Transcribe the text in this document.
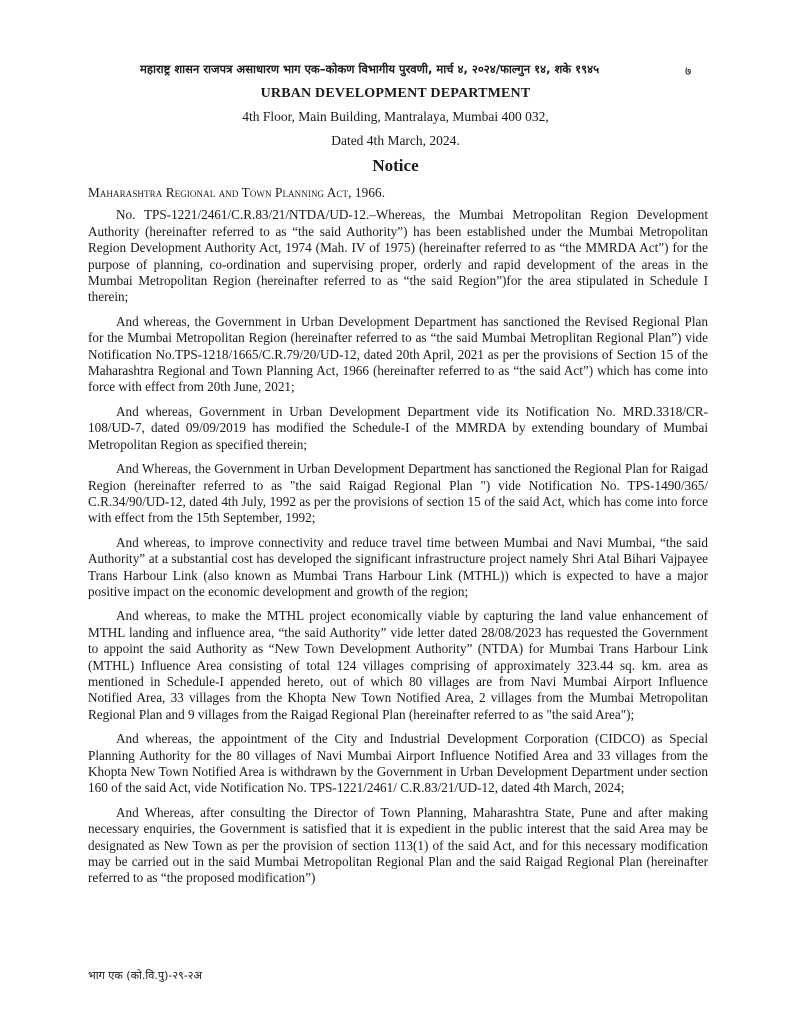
महाराष्ट्र शासन राजपत्र असाधारण भाग एक–कोकण विभागीय पुरवणी, मार्च ४, २०२४/फाल्गुन १४, शके १९४५	७
URBAN DEVELOPMENT DEPARTMENT
4th Floor, Main Building, Mantralaya, Mumbai 400 032,
Dated 4th March, 2024.
Notice

Maharashtra Regional and Town Planning Act, 1966.

No. TPS-1221/2461/C.R.83/21/NTDA/UD-12.–Whereas, the Mumbai Metropolitan Region Development Authority (hereinafter referred to as “the said Authority”) has been established under the Mumbai Metropolitan Region Development Authority Act, 1974 (Mah. IV of 1975) (hereinafter referred to as “the MMRDA Act”) for the purpose of planning, co-ordination and supervising proper, orderly and rapid development of the areas in the Mumbai Metropolitan Region (hereinafter referred to as “the said Region”)for the area stipulated in Schedule I therein;

And whereas, the Government in Urban Development Department has sanctioned the Revised Regional Plan for the Mumbai Metropolitan Region (hereinafter referred to as “the said Mumbai Metroplitan Regional Plan”) vide Notification No.TPS-1218/1665/C.R.79/20/UD-12, dated 20th April, 2021 as per the provisions of Section 15 of the Maharashtra Regional and Town Planning Act, 1966 (hereinafter referred to as “the said Act”) which has come into force with effect from 20th June, 2021;

And whereas, Government in Urban Development Department vide its Notification No. MRD.3318/CR-108/UD-7, dated 09/09/2019 has modified the Schedule-I of the MMRDA by extending boundary of Mumbai Metropolitan Region as specified therein;

And Whereas, the Government in Urban Development Department has sanctioned the Regional Plan for Raigad Region (hereinafter referred to as "the said Raigad Regional Plan ") vide Notification No. TPS-1490/365/ C.R.34/90/UD-12, dated 4th July, 1992 as per the provisions of section 15 of the said Act, which has come into force with effect from the 15th September, 1992;

And whereas, to improve connectivity and reduce travel time between Mumbai and Navi Mumbai, “the said Authority” at a substantial cost has developed the significant infrastructure project namely Shri Atal Bihari Vajpayee Trans Harbour Link (also known as Mumbai Trans Harbour Link (MTHL)) which is expected to have a major positive impact on the economic development and growth of the region;

And whereas, to make the MTHL project economically viable by capturing the land value enhancement of MTHL landing and influence area, “the said Authority” vide letter dated 28/08/2023 has requested the Government to appoint the said Authority as “New Town Development Authority” (NTDA) for Mumbai Trans Harbour Link (MTHL) Influence Area consisting of total 124 villages comprising of approximately 323.44 sq. km. area as mentioned in Schedule-I appended hereto, out of which 80 villages are from Navi Mumbai Airport Influence Notified Area, 33 villages from the Khopta New Town Notified Area, 2 villages from the Mumbai Metropolitan Regional Plan and 9 villages from the Raigad Regional Plan (hereinafter referred to as "the said Area");

And whereas, the appointment of the City and Industrial Development Corporation (CIDCO) as Special Planning Authority for the 80 villages of Navi Mumbai Airport Influence Notified Area and 33 villages from the Khopta New Town Notified Area is withdrawn by the Government in Urban Development Department under section 160 of the said Act, vide Notification No. TPS-1221/2461/ C.R.83/21/UD-12, dated 4th March, 2024;

And Whereas, after consulting the Director of Town Planning, Maharashtra State, Pune and after making necessary enquiries, the Government is satisfied that it is expedient in the public interest that the said Area may be designated as New Town as per the provision of section 113(1) of the said Act, and for this necessary modification may be carried out in the said Mumbai Metropolitan Regional Plan and the said Raigad Regional Plan (hereinafter referred to as “the proposed modification”)

भाग एक (को.वि.पु)-२९-२अ
